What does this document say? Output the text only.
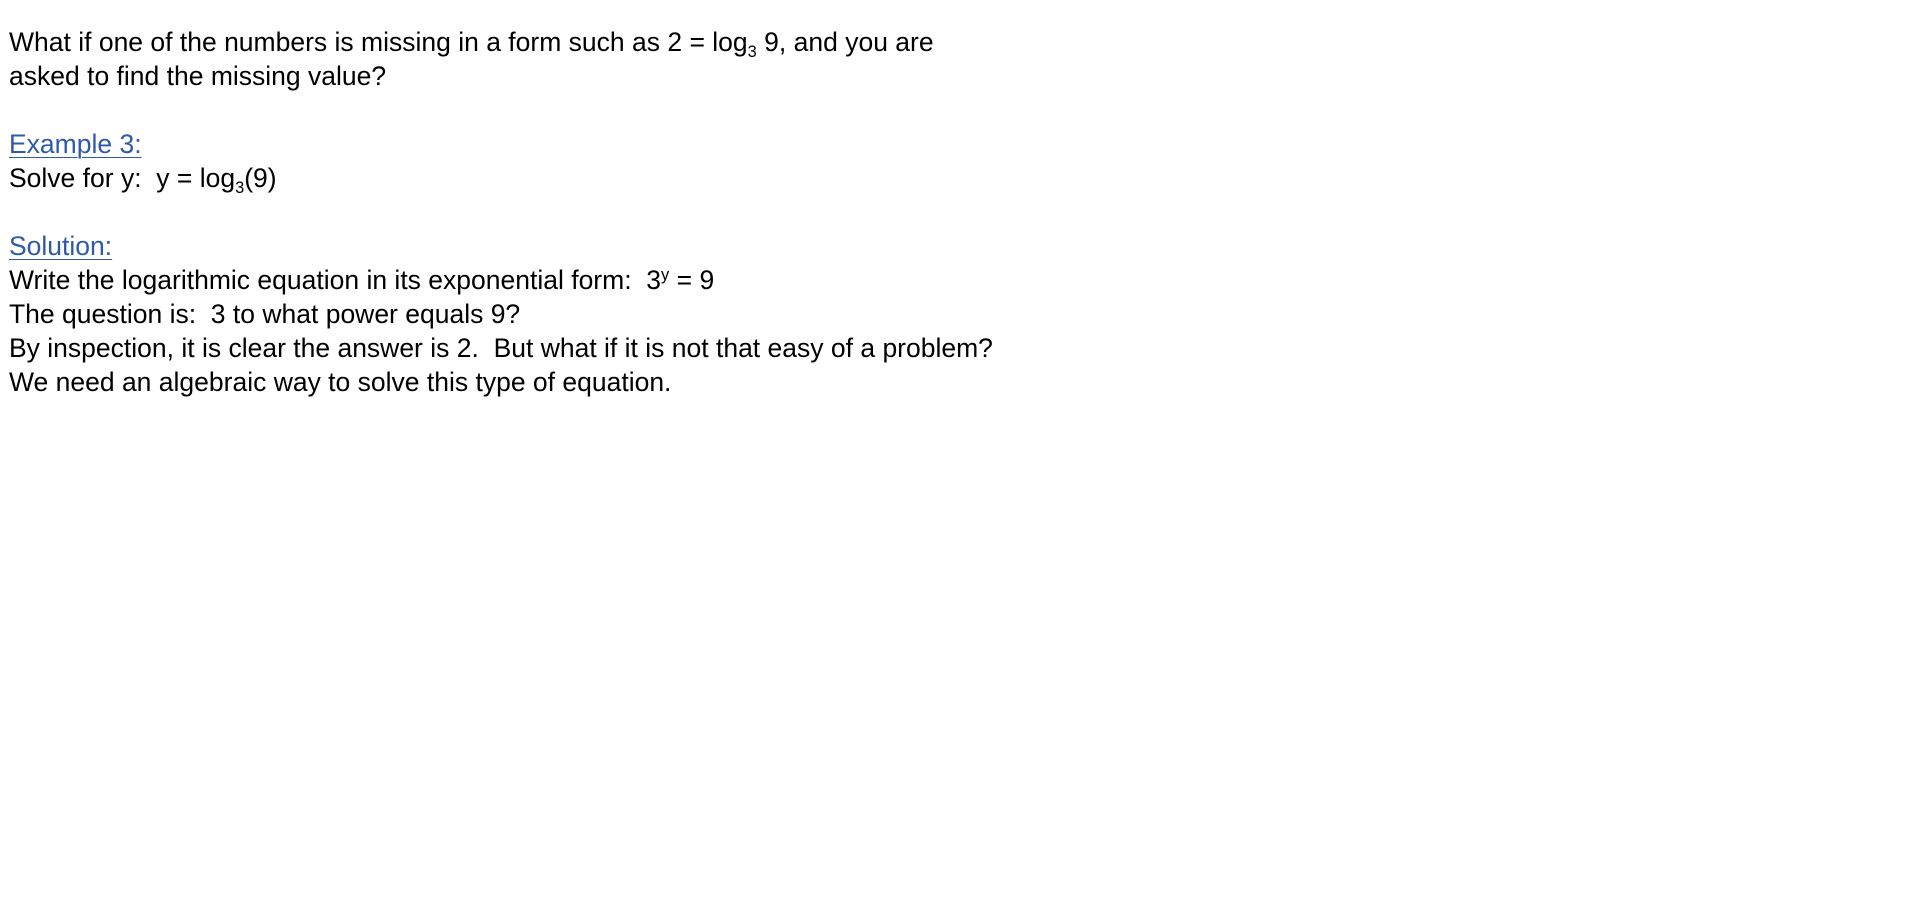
What if one of the numbers is missing in a form such as $2 = \log_3 9$, and you are

asked to find the missing value?

Example 3:

Solve for y:  $y = \log_3(9)$

Solution:

Write the logarithmic equation in its exponential form:  $3^y = 9$

The question is:  3 to what power equals 9?

By inspection, it is clear the answer is 2.  But what if it is not that easy of a problem?

We need an algebraic way to solve this type of equation.
